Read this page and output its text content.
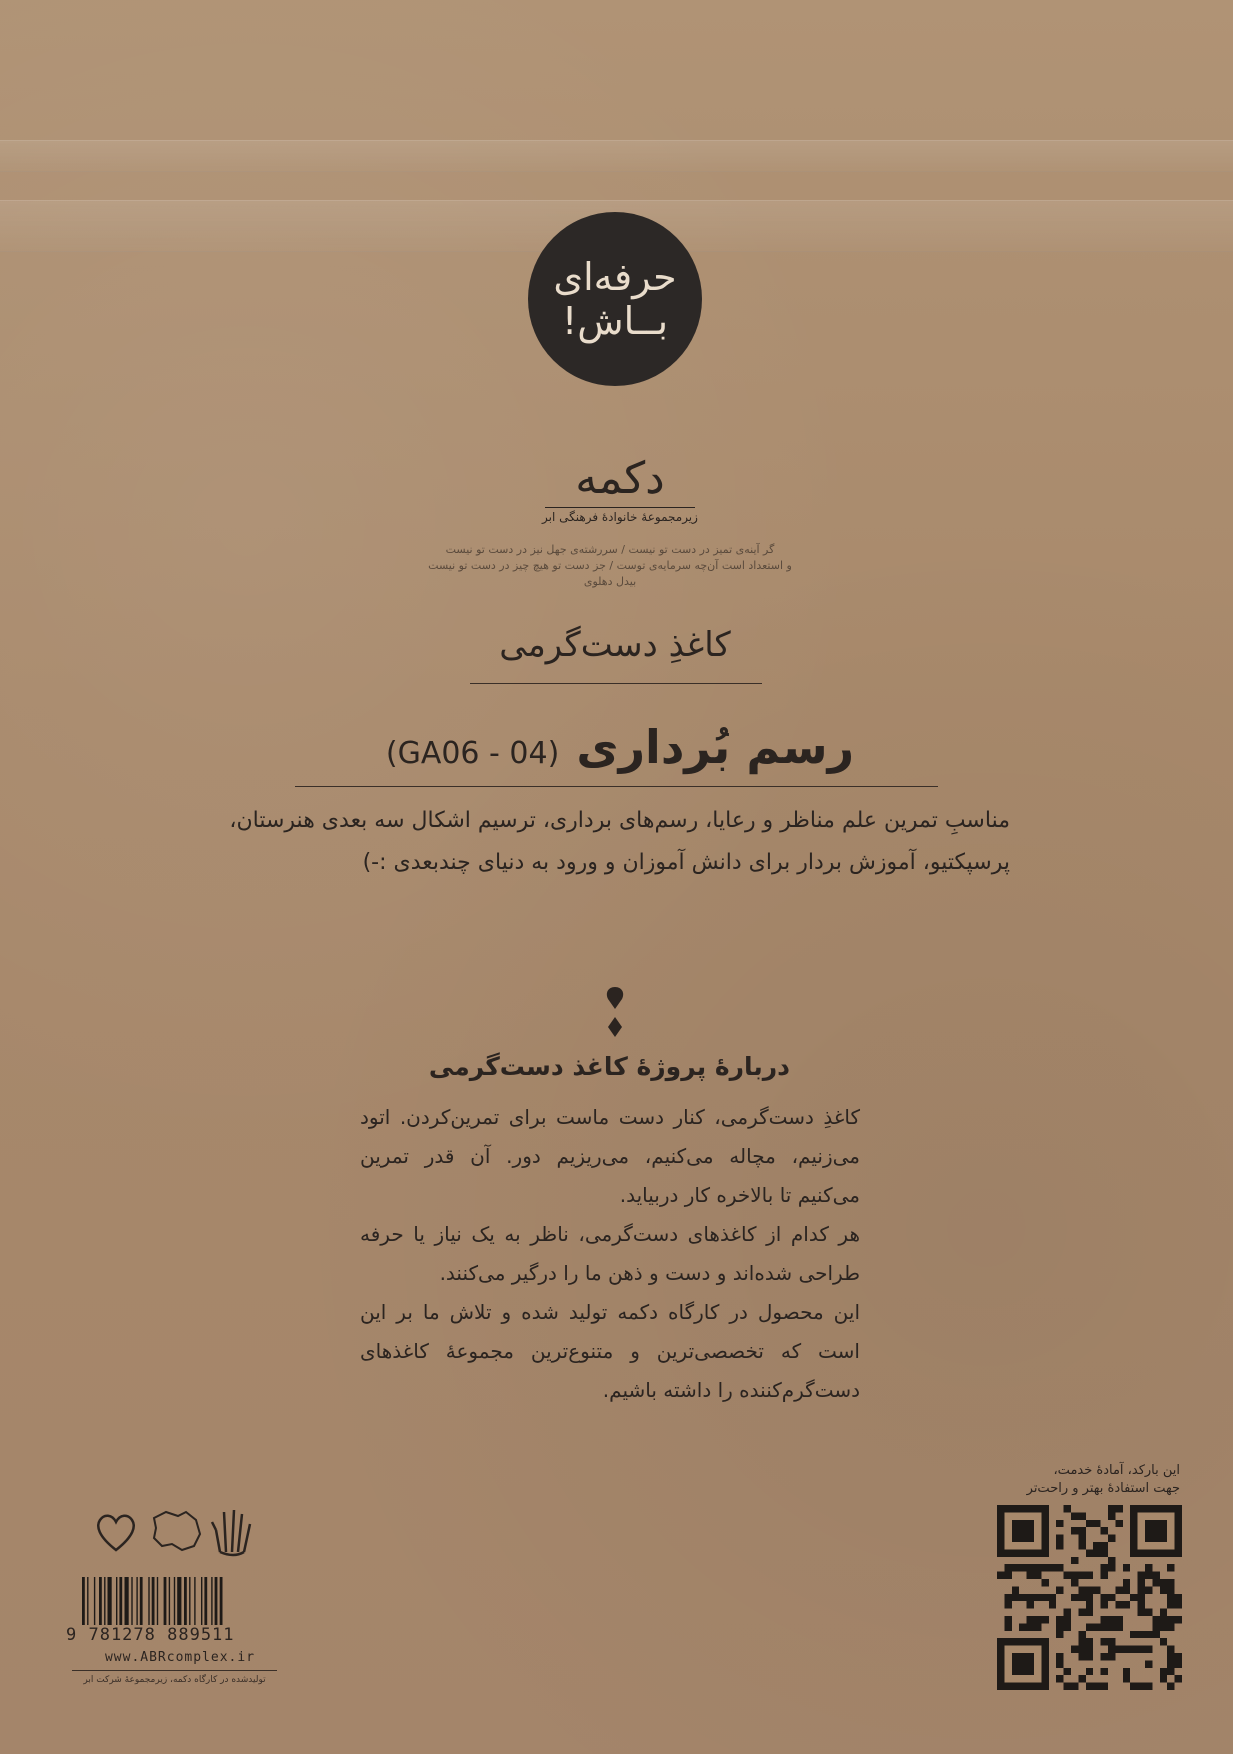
حرفه‌ای
بــاش!
دکمه
زیرمجموعهٔ خانوادهٔ فرهنگی ابر
گر آینه‌ی تمیز در دست تو نیست / سررشته‌ی جهل نیز در دست تو نیست
و استعداد است آن‌چه سرمایه‌ی توست / جز دست تو هیچ چیز در دست تو نیست
بیدل دهلوی
کاغذِ دست‌گرمی
رسم بُرداری (GA06 - 04)
مناسبِ تمرین علم مناظر و رعایا، رسم‌های برداری، ترسیم اشکال سه بعدی هنرستان، پرسپکتیو، آموزش بردار برای دانش آموزان و ورود به دنیای چندبعدی :-)
دربارهٔ پروژهٔ کاغذ دست‌گرمی
کاغذِ دست‌گرمی، کنار دست ماست برای تمرین‌کردن. اتود می‌زنیم، مچاله می‌کنیم، می‌ریزیم دور. آن قدر تمرین می‌کنیم تا بالاخره کار دربیاید.
هر کدام از کاغذهای دست‌گرمی، ناظر به یک نیاز یا حرفه طراحی شده‌اند و دست و ذهن ما را درگیر می‌کنند.
این محصول در کارگاه دکمه تولید شده و تلاش ما بر این است که تخصصی‌ترین و متنوع‌ترین مجموعهٔ کاغذهای دست‌گرم‌کننده را داشته باشیم.
9 781278 889511
www.ABRcomplex.ir
تولیدشده در کارگاه دکمه، زیرمجموعهٔ شرکت ابر
این بارکد، آمادهٔ خدمت،
جهت استفادهٔ بهتر و راحت‌تر
